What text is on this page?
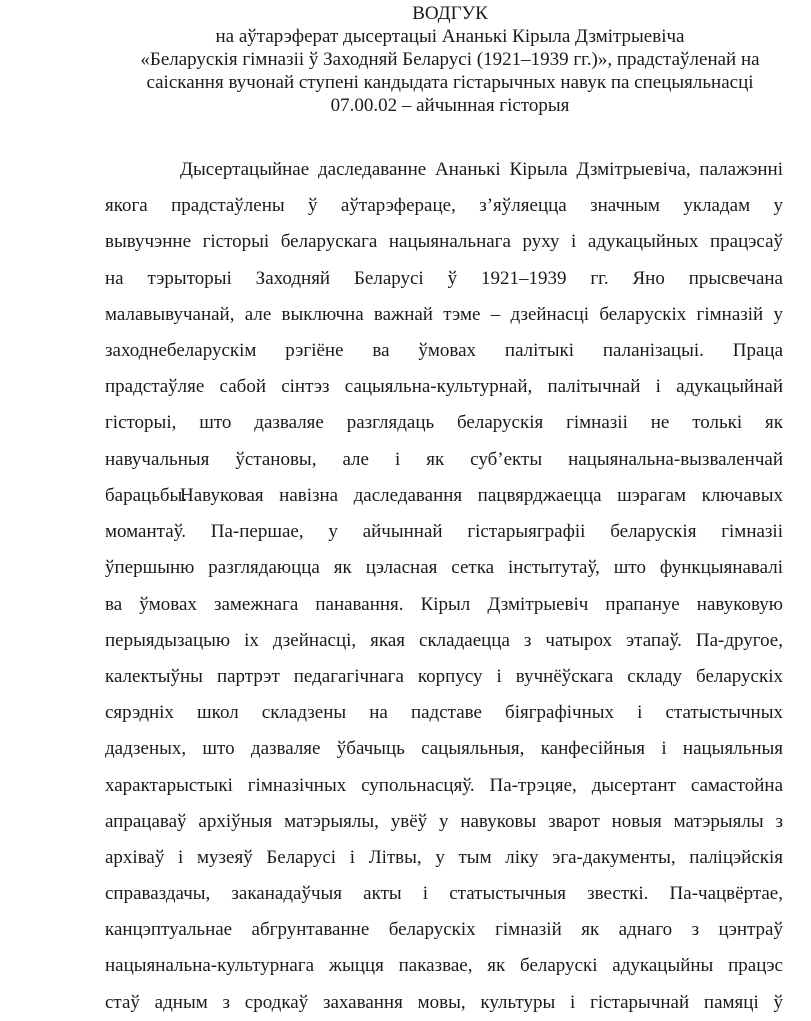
ВОДГУК
на аўтарэферат дысертацыі Ананькі Кірыла Дзмітрыевіча
«Беларускія гімназіі ў Заходняй Беларусі (1921–1939 гг.)», прадстаўленай на
саіскання вучонай ступені кандыдата гістарычных навук па спецыяльнасці
07.00.02 – айчынная гісторыя
Дысертацыйнае даследаванне Ананькі Кірыла Дзмітрыевіча, палажэнні
якога прадстаўлены ў аўтарэфераце, з’яўляецца значным укладам у
вывучэнне гісторыі беларускага нацыянальнага руху і адукацыйных працэсаў
на тэрыторыі Заходняй Беларусі ў 1921–1939 гг. Яно прысвечана
малавывучанай, але выключна важнай тэме – дзейнасці беларускіх гімназій у
заходнебеларускім рэгіёне ва ўмовах палітыкі паланізацыі. Праца
прадстаўляе сабой сінтэз сацыяльна-культурнай, палітычнай і адукацыйнай
гісторыі, што дазваляе разглядаць беларускія гімназіі не толькі як
навучальныя ўстановы, але і як суб’екты нацыянальна-вызваленчай
барацьбы.
Навуковая навізна даследавання пацвярджаецца шэрагам ключавых
момантаў. Па-першае, у айчыннай гістарыяграфіі беларускія гімназіі
ўпершыню разглядаюцца як цэласная сетка інстытутаў, што функцыянавалі
ва ўмовах замежнага панавання. Кірыл Дзмітрыевіч прапануе навуковую
перыядызацыю іх дзейнасці, якая складаецца з чатырох этапаў. Па-другое,
калектыўны партрэт педагагічнага корпусу і вучнёўскага складу беларускіх
сярэдніх школ складзены на падставе біяграфічных і статыстычных
дадзеных, што дазваляе ўбачыць сацыяльныя, канфесійныя і нацыяльныя
характарыстыкі гімназічных супольнасцяў. Па-трэцяе, дысертант самастойна
апрацаваў архіўныя матэрыялы, увёў у навуковы зварот новыя матэрыялы з
архіваў і музеяў Беларусі і Літвы, у тым ліку эга-дакументы, паліцэйскія
справаздачы, заканадаўчыя акты і статыстычныя звесткі. Па-чацвёртае,
канцэптуальнае абгрунтаванне беларускіх гімназій як аднаго з цэнтраў
нацыянальна-культурнага жыцця паказвае, як беларускі адукацыйны працэс
стаў адным з сродкаў захавання мовы, культуры і гістарычнай памяці ў
